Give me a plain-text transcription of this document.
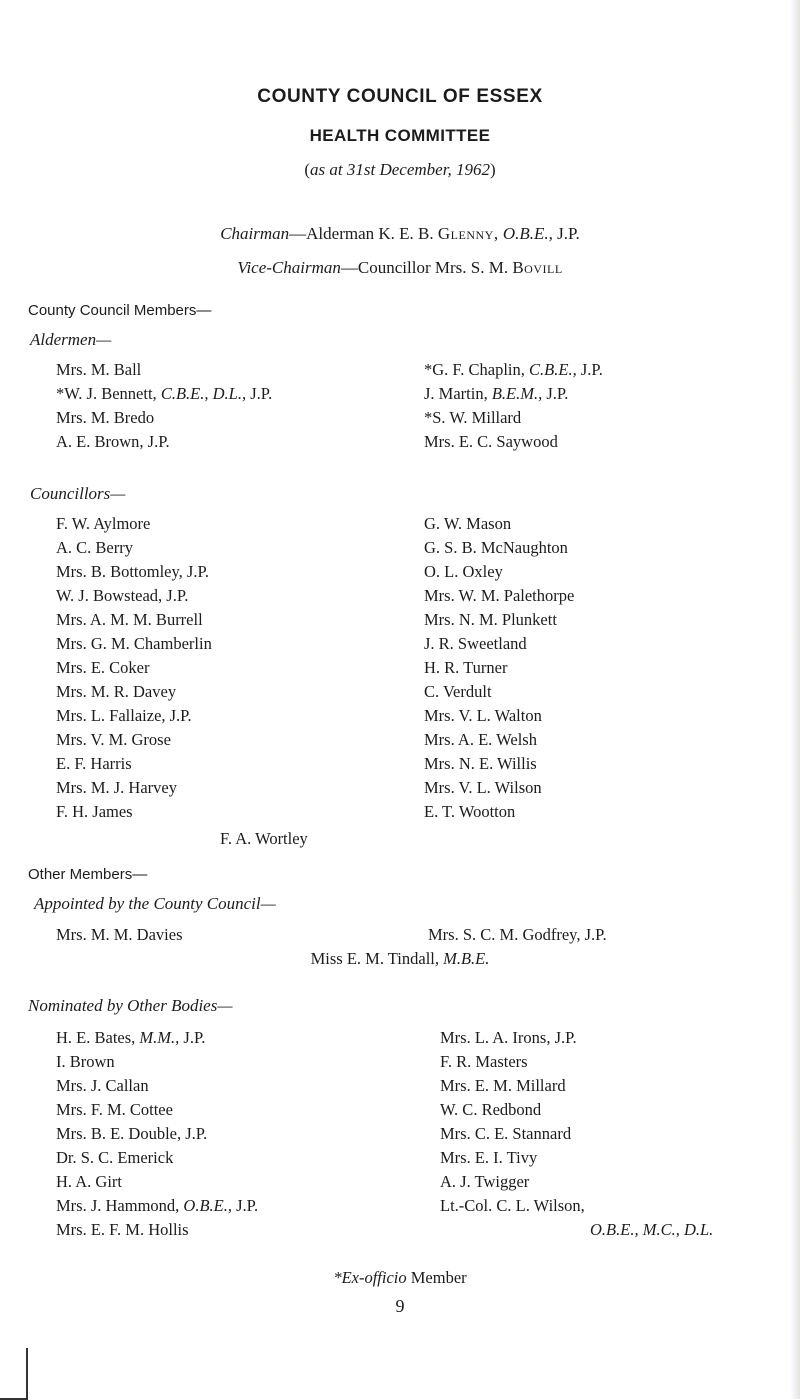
COUNTY COUNCIL OF ESSEX
HEALTH COMMITTEE
(as at 31st December, 1962)
Chairman—Alderman K. E. B. Glenny, O.B.E., J.P.
Vice-Chairman—Councillor Mrs. S. M. Bovill
County Council Members—
Aldermen—
Mrs. M. Ball
*W. J. Bennett, C.B.E., D.L., J.P.
Mrs. M. Bredo
A. E. Brown, J.P.
*G. F. Chaplin, C.B.E., J.P.
J. Martin, B.E.M., J.P.
*S. W. Millard
Mrs. E. C. Saywood
Councillors—
F. W. Aylmore
A. C. Berry
Mrs. B. Bottomley, J.P.
W. J. Bowstead, J.P.
Mrs. A. M. M. Burrell
Mrs. G. M. Chamberlin
Mrs. E. Coker
Mrs. M. R. Davey
Mrs. L. Fallaize, J.P.
Mrs. V. M. Grose
E. F. Harris
Mrs. M. J. Harvey
F. H. James
G. W. Mason
G. S. B. McNaughton
O. L. Oxley
Mrs. W. M. Palethorpe
Mrs. N. M. Plunkett
J. R. Sweetland
H. R. Turner
C. Verdult
Mrs. V. L. Walton
Mrs. A. E. Welsh
Mrs. N. E. Willis
Mrs. V. L. Wilson
E. T. Wootton
F. A. Wortley
Other Members—
Appointed by the County Council—
Mrs. M. M. Davies	Mrs. S. C. M. Godfrey, J.P.
Miss E. M. Tindall, M.B.E.
Nominated by Other Bodies—
H. E. Bates, M.M., J.P.
I. Brown
Mrs. J. Callan
Mrs. F. M. Cottee
Mrs. B. E. Double, J.P.
Dr. S. C. Emerick
H. A. Girt
Mrs. J. Hammond, O.B.E., J.P.
Mrs. E. F. M. Hollis
Mrs. L. A. Irons, J.P.
F. R. Masters
Mrs. E. M. Millard
W. C. Redbond
Mrs. C. E. Stannard
Mrs. E. I. Tivy
A. J. Twigger
Lt.-Col. C. L. Wilson,
O.B.E., M.C., D.L.
*Ex-officio Member
9
